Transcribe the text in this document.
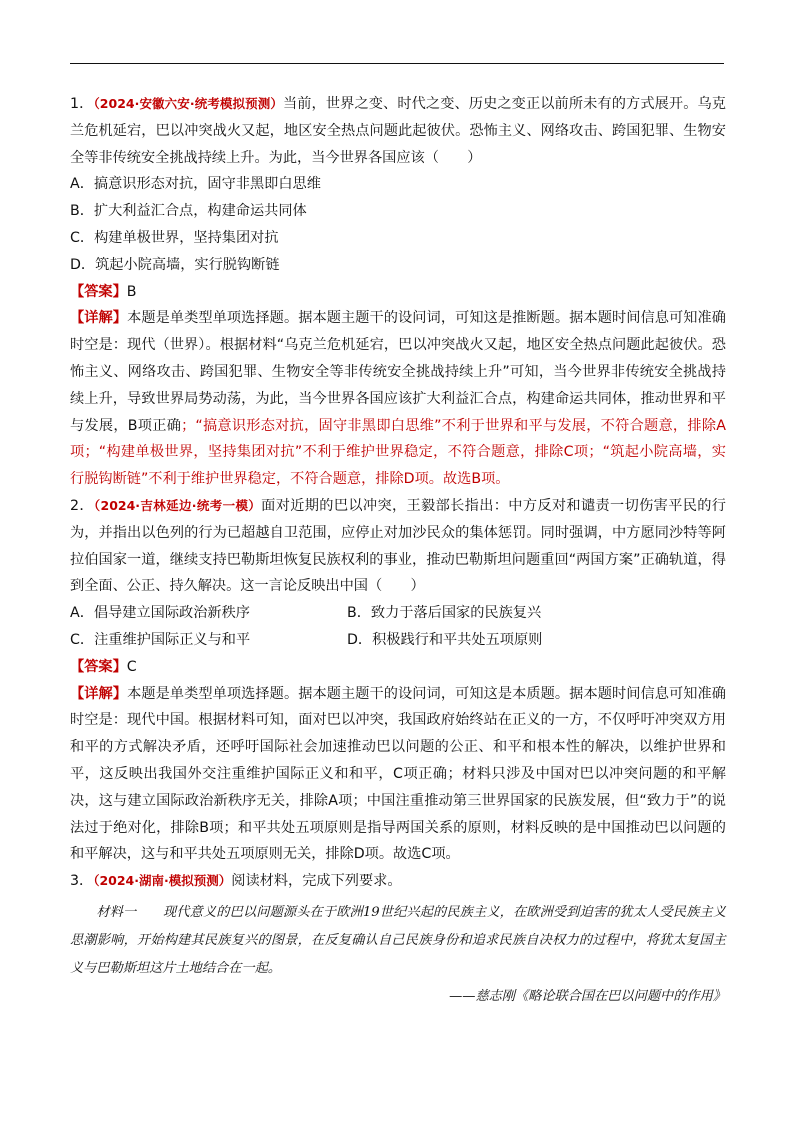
1．（2024·安徽六安·统考模拟预测）当前，世界之变、时代之变、历史之变正以前所未有的方式展开。乌克兰危机延宕，巴以冲突战火又起，地区安全热点问题此起彼伏。恐怖主义、网络攻击、跨国犯罪、生物安全等非传统安全挑战持续上升。为此，当今世界各国应该（　　）

A．搞意识形态对抗，固守非黑即白思维

B．扩大利益汇合点，构建命运共同体

C．构建单极世界，坚持集团对抗

D．筑起小院高墙，实行脱钩断链

【答案】B

【详解】本题是单类型单项选择题。据本题主题干的设问词，可知这是推断题。据本题时间信息可知准确时空是：现代（世界）。根据材料“乌克兰危机延宕，巴以冲突战火又起，地区安全热点问题此起彼伏。恐怖主义、网络攻击、跨国犯罪、生物安全等非传统安全挑战持续上升”可知，当今世界非传统安全挑战持续上升，导致世界局势动荡，为此，当今世界各国应该扩大利益汇合点，构建命运共同体，推动世界和平与发展，B项正确；“搞意识形态对抗，固守非黑即白思维”不利于世界和平与发展，不符合题意，排除A项；“构建单极世界，坚持集团对抗”不利于维护世界稳定，不符合题意，排除C项；“筑起小院高墙，实行脱钩断链”不利于维护世界稳定，不符合题意，排除D项。故选B项。

2．（2024·吉林延边·统考一模）面对近期的巴以冲突，王毅部长指出：中方反对和谴责一切伤害平民的行为，并指出以色列的行为已超越自卫范围，应停止对加沙民众的集体惩罚。同时强调，中方愿同沙特等阿拉伯国家一道，继续支持巴勒斯坦恢复民族权利的事业，推动巴勒斯坦问题重回“两国方案”正确轨道，得到全面、公正、持久解决。这一言论反映出中国（　　）

A．倡导建立国际政治新秩序	B．致力于落后国家的民族复兴
C．注重维护国际正义与和平	D．积极践行和平共处五项原则

【答案】C

【详解】本题是单类型单项选择题。据本题主题干的设问词，可知这是本质题。据本题时间信息可知准确时空是：现代中国。根据材料可知，面对巴以冲突，我国政府始终站在正义的一方，不仅呼吁冲突双方用和平的方式解决矛盾，还呼吁国际社会加速推动巴以问题的公正、和平和根本性的解决，以维护世界和平，这反映出我国外交注重维护国际正义和和平，C项正确；材料只涉及中国对巴以冲突问题的和平解决，这与建立国际政治新秩序无关，排除A项；中国注重推动第三世界国家的民族发展，但“致力于”的说法过于绝对化，排除B项；和平共处五项原则是指导两国关系的原则，材料反映的是中国推动巴以问题的和平解决，这与和平共处五项原则无关，排除D项。故选C项。

3．（2024·湖南·模拟预测）阅读材料，完成下列要求。

材料一　　现代意义的巴以问题源头在于欧洲19世纪兴起的民族主义，在欧洲受到迫害的犹太人受民族主义思潮影响，开始构建其民族复兴的图景，在反复确认自己民族身份和追求民族自决权力的过程中，将犹太复国主义与巴勒斯坦这片土地结合在一起。

——慈志刚《略论联合国在巴以问题中的作用》
